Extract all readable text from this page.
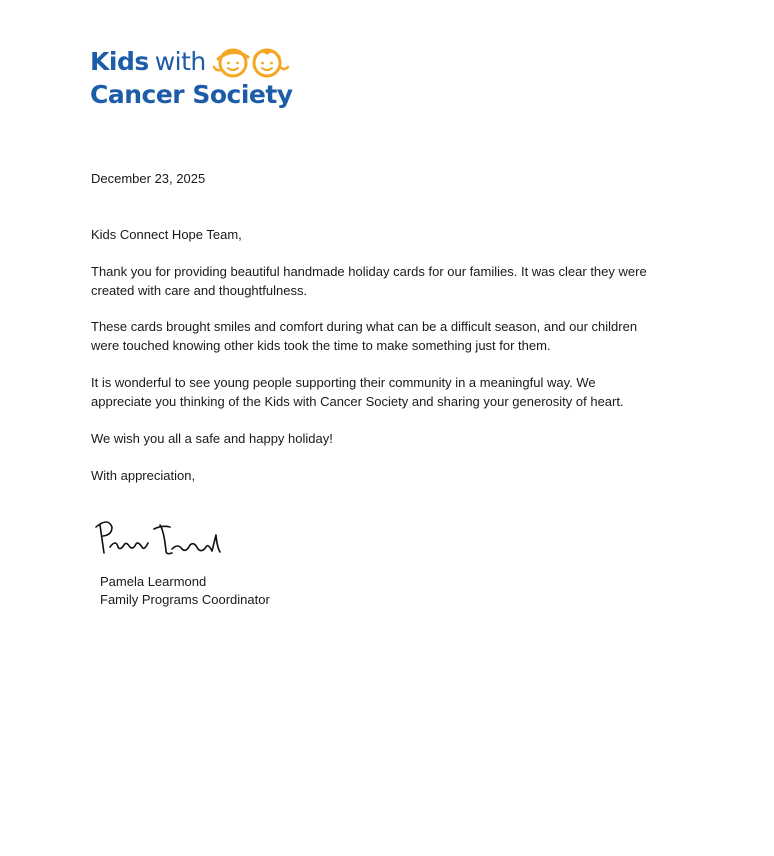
Kids with
Cancer Society
December 23, 2025
Kids Connect Hope Team,
Thank you for providing beautiful handmade holiday cards for our families. It was clear they were
created with care and thoughtfulness.
These cards brought smiles and comfort during what can be a difficult season, and our children
were touched knowing other kids took the time to make something just for them.
It is wonderful to see young people supporting their community in a meaningful way. We
appreciate you thinking of the Kids with Cancer Society and sharing your generosity of heart.
We wish you all a safe and happy holiday!
With appreciation,
Pamela Learmond
Family Programs Coordinator
